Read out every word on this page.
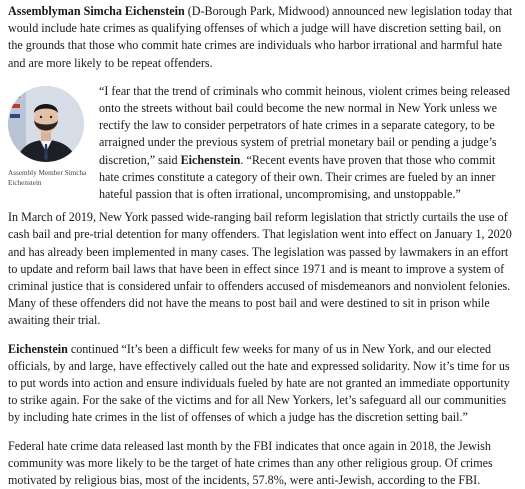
Assemblyman Simcha Eichenstein (D-Borough Park, Midwood) announced new legislation today that would include hate crimes as qualifying offenses of which a judge will have discretion setting bail, on the grounds that those who commit hate crimes are individuals who harbor irrational and harmful hate and are more likely to be repeat offenders.

Assembly Member Simcha Eichenstein

“I fear that the trend of criminals who commit heinous, violent crimes being released onto the streets without bail could become the new normal in New York unless we rectify the law to consider perpetrators of hate crimes in a separate category, to be arraigned under the previous system of pretrial monetary bail or pending a judge’s discretion,” said Eichenstein. “Recent events have proven that those who commit hate crimes constitute a category of their own. Their crimes are fueled by an inner hateful passion that is often irrational, uncompromising, and unstoppable.”

In March of 2019, New York passed wide-ranging bail reform legislation that strictly curtails the use of cash bail and pre-trial detention for many offenders. That legislation went into effect on January 1, 2020 and has already been implemented in many cases. The legislation was passed by lawmakers in an effort to update and reform bail laws that have been in effect since 1971 and is meant to improve a system of criminal justice that is considered unfair to offenders accused of misdemeanors and nonviolent felonies. Many of these offenders did not have the means to post bail and were destined to sit in prison while awaiting their trial.

Eichenstein continued “It’s been a difficult few weeks for many of us in New York, and our elected officials, by and large, have effectively called out the hate and expressed solidarity. Now it’s time for us to put words into action and ensure individuals fueled by hate are not granted an immediate opportunity to strike again. For the sake of the victims and for all New Yorkers, let’s safeguard all our communities by including hate crimes in the list of offenses of which a judge has the discretion setting bail.”

Federal hate crime data released last month by the FBI indicates that once again in 2018, the Jewish community was more likely to be the target of hate crimes than any other religious group. Of crimes motivated by religious bias, most of the incidents, 57.8%, were anti-Jewish, according to the FBI.
